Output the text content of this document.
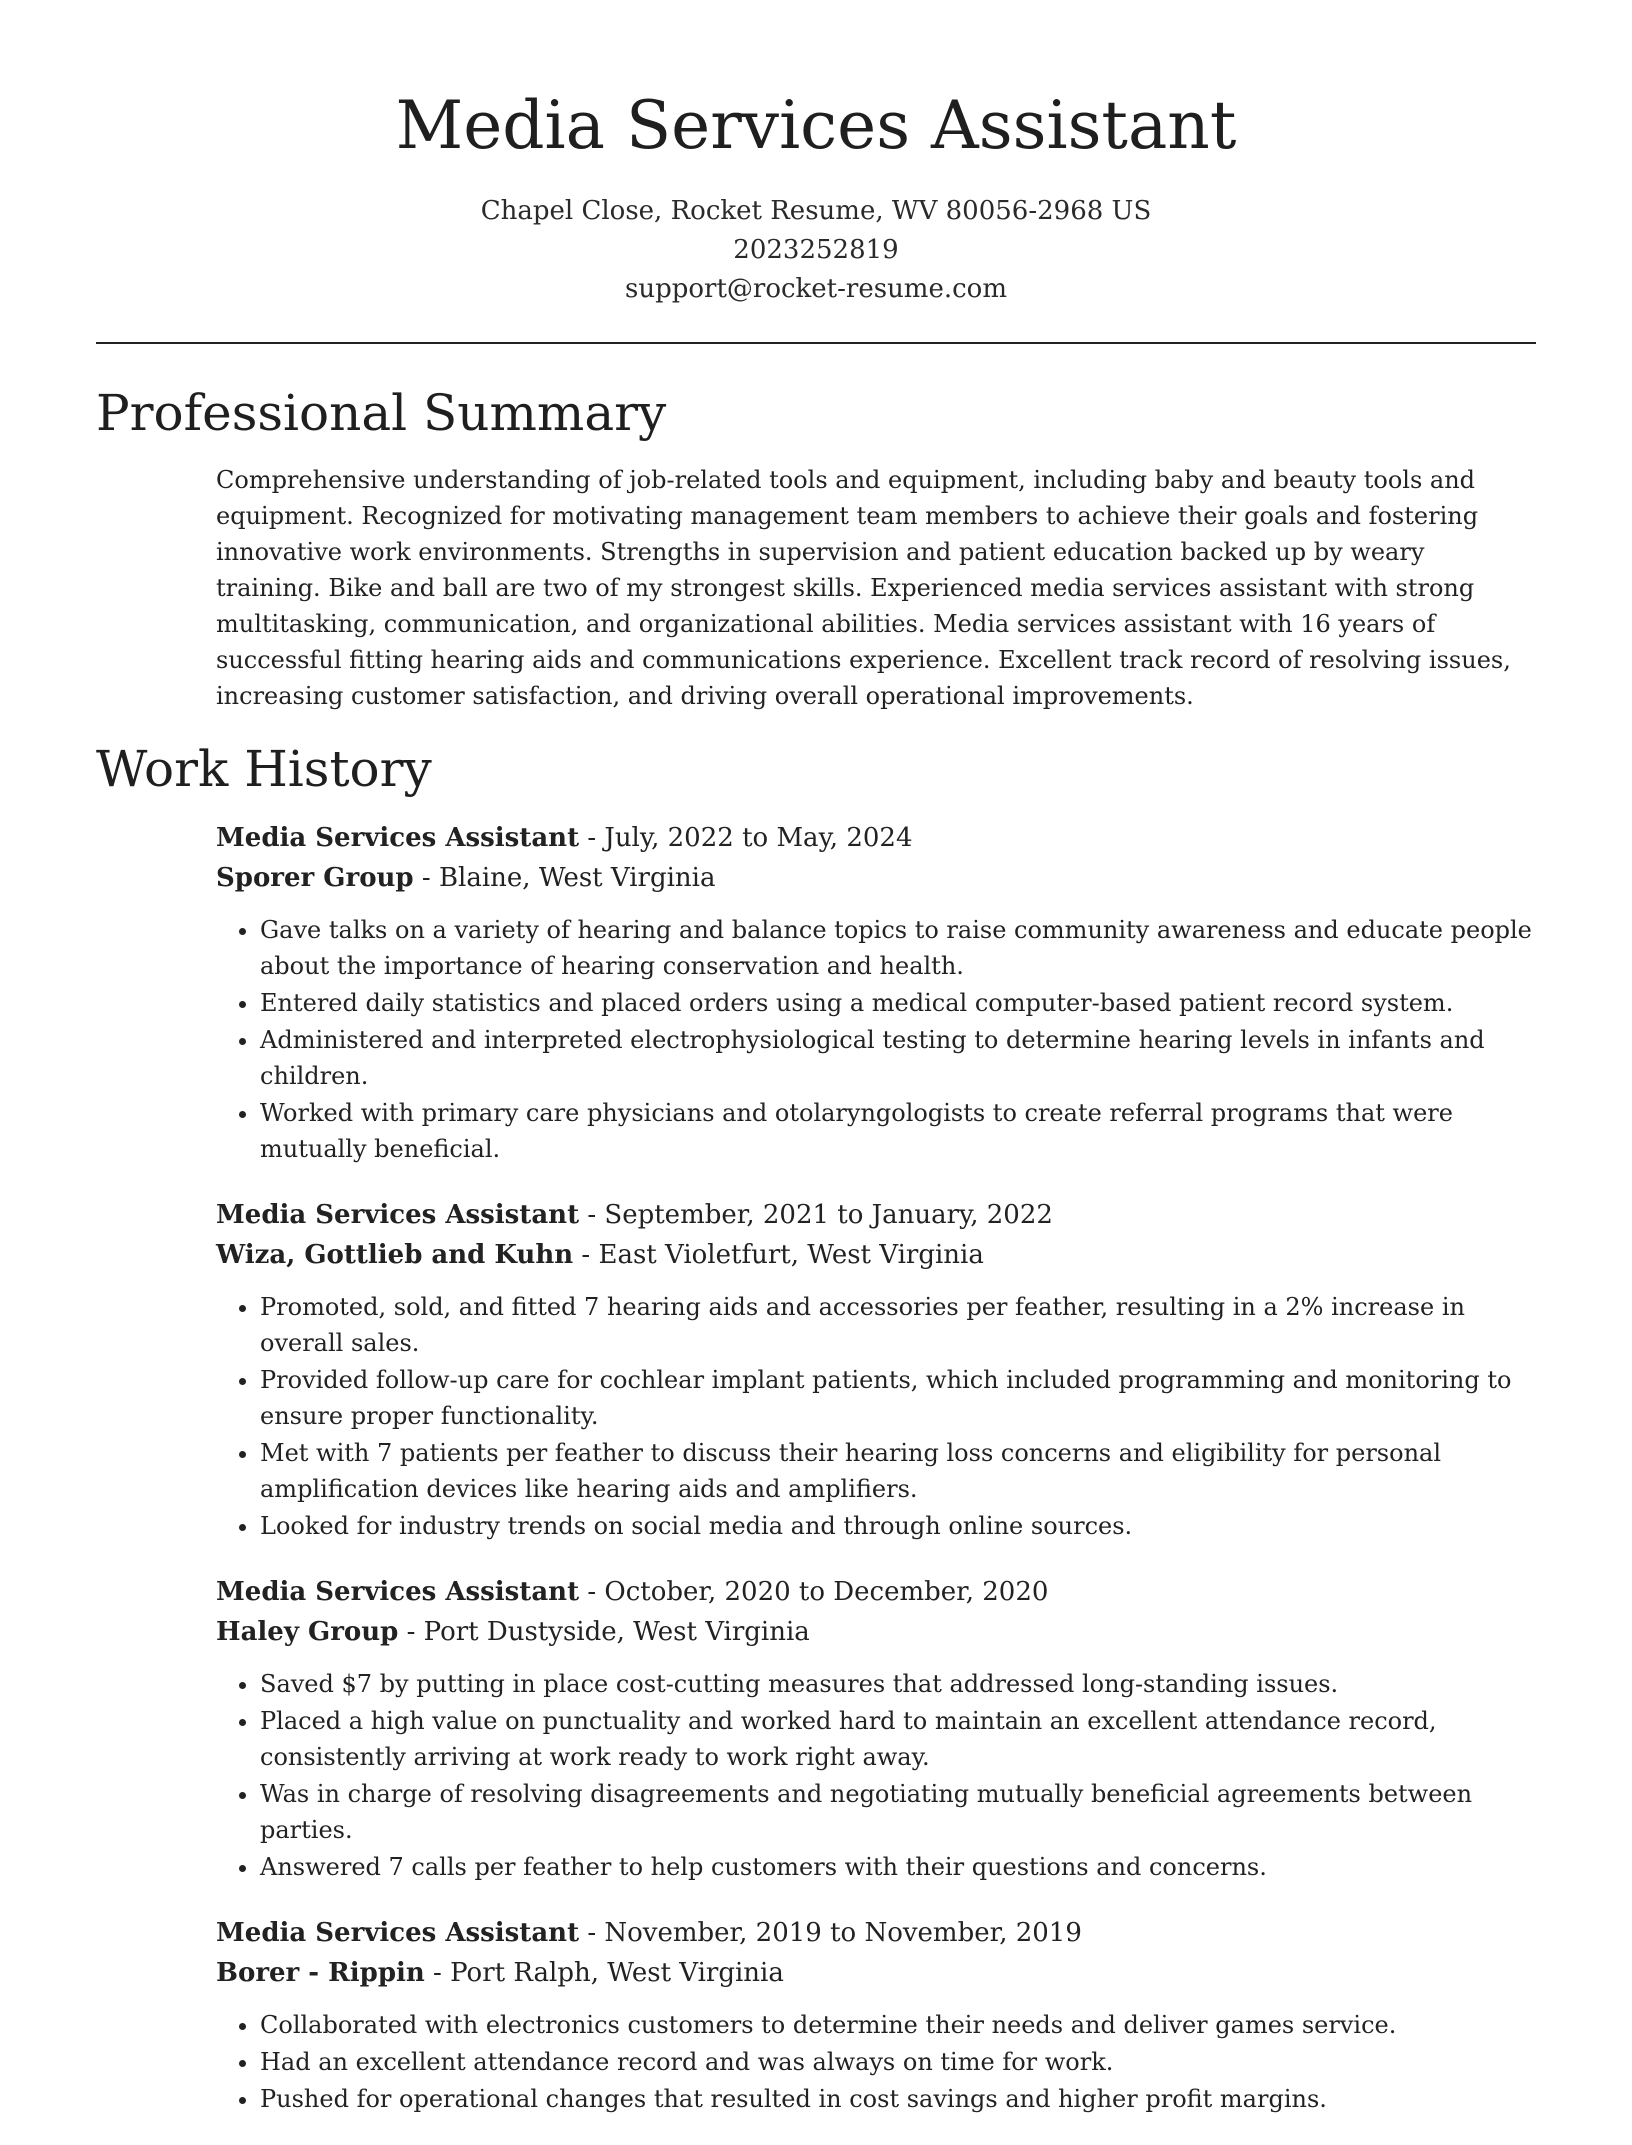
Media Services Assistant
Chapel Close, Rocket Resume, WV 80056-2968 US
2023252819
support@rocket-resume.com
Professional Summary

Comprehensive understanding of job-related tools and equipment, including baby and beauty tools and equipment. Recognized for motivating management team members to achieve their goals and fostering innovative work environments. Strengths in supervision and patient education backed up by weary training. Bike and ball are two of my strongest skills. Experienced media services assistant with strong multitasking, communication, and organizational abilities. Media services assistant with 16 years of successful fitting hearing aids and communications experience. Excellent track record of resolving issues, increasing customer satisfaction, and driving overall operational improvements.

Work History

Media Services Assistant - July, 2022 to May, 2024

Sporer Group - Blaine, West Virginia

• Gave talks on a variety of hearing and balance topics to raise community awareness and educate people about the importance of hearing conservation and health.
• Entered daily statistics and placed orders using a medical computer-based patient record system.
• Administered and interpreted electrophysiological testing to determine hearing levels in infants and children.
• Worked with primary care physicians and otolaryngologists to create referral programs that were mutually beneficial.

Media Services Assistant - September, 2021 to January, 2022

Wiza, Gottlieb and Kuhn - East Violetfurt, West Virginia

• Promoted, sold, and fitted 7 hearing aids and accessories per feather, resulting in a 2% increase in overall sales.
• Provided follow-up care for cochlear implant patients, which included programming and monitoring to ensure proper functionality.
• Met with 7 patients per feather to discuss their hearing loss concerns and eligibility for personal amplification devices like hearing aids and amplifiers.
• Looked for industry trends on social media and through online sources.

Media Services Assistant - October, 2020 to December, 2020

Haley Group - Port Dustyside, West Virginia

• Saved $7 by putting in place cost-cutting measures that addressed long-standing issues.
• Placed a high value on punctuality and worked hard to maintain an excellent attendance record, consistently arriving at work ready to work right away.
• Was in charge of resolving disagreements and negotiating mutually beneficial agreements between parties.
• Answered 7 calls per feather to help customers with their questions and concerns.

Media Services Assistant - November, 2019 to November, 2019

Borer - Rippin - Port Ralph, West Virginia

• Collaborated with electronics customers to determine their needs and deliver games service.
• Had an excellent attendance record and was always on time for work.
• Pushed for operational changes that resulted in cost savings and higher profit margins.
